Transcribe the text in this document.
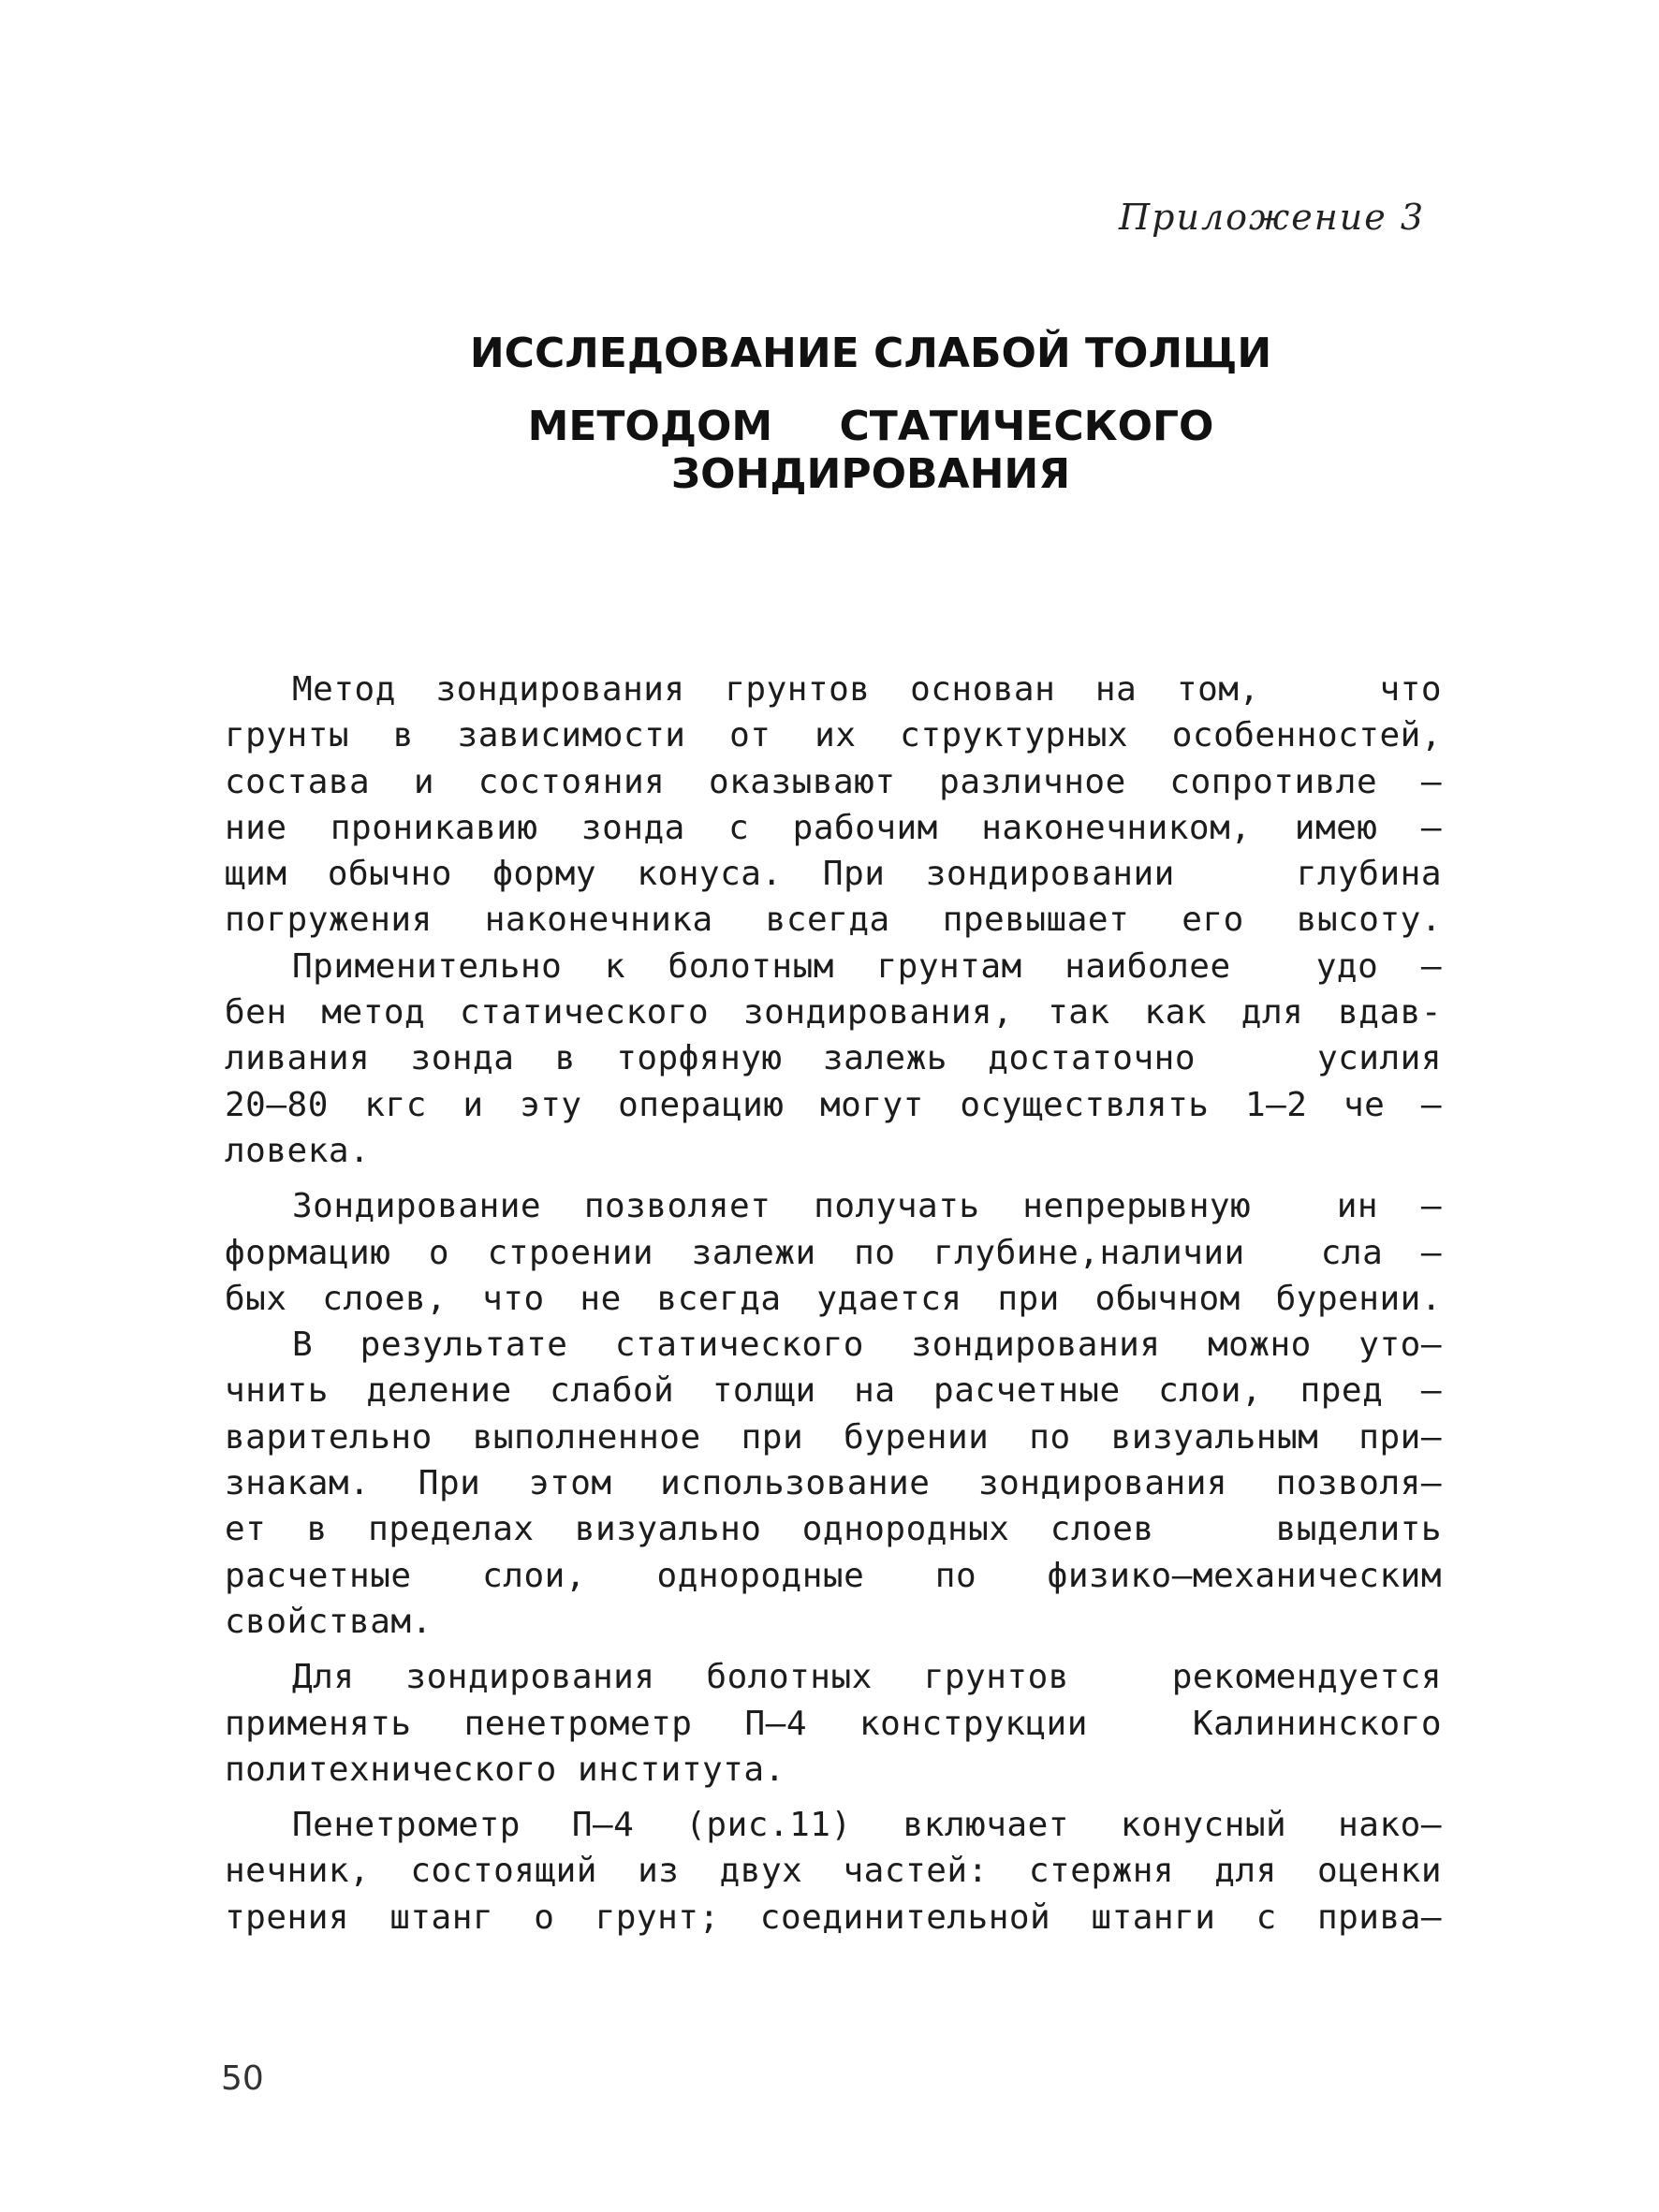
Приложение 3
ИССЛЕДОВАНИЕ СЛАБОЙ ТОЛЩИ
МЕТОДОМ СТАТИЧЕСКОГО ЗОНДИРОВАНИЯ
Метод зондирования грунтов основан на том,   что
грунты в зависимости от их структурных особенностей,
состава и состояния оказывают различное сопротивле –
ние проникавию зонда с рабочим наконечником, имею –
щим обычно форму конуса. При зондировании   глубина
погружения наконечника всегда превышает его высоту.
Применительно к болотным грунтам наиболее  удо –
бен метод статического зондирования, так как для вдав-
ливания зонда в торфяную залежь достаточно   усилия
20–80 кгс и эту операцию могут осуществлять 1–2 че –
ловека.
Зондирование позволяет получать непрерывную  ин –
формацию о строении залежи по глубине,наличии  сла –
бых слоев, что не всегда удается при обычном бурении.
В результате статического зондирования можно уто–
чнить деление слабой толщи на расчетные слои, пред –
варительно выполненное при бурении по визуальным при–
знакам. При этом использование зондирования позволя–
ет в пределах визуально однородных слоев   выделить
расчетные слои, однородные по физико–механическим
свойствам.
Для зондирования болотных грунтов  рекомендуется
применять пенетрометр П–4 конструкции  Калининского
политехнического института.
Пенетрометр П–4 (рис.11) включает конусный нако–
нечник, состоящий из двух частей: стержня для оценки
трения штанг о грунт; соединительной штанги с прива–
50
